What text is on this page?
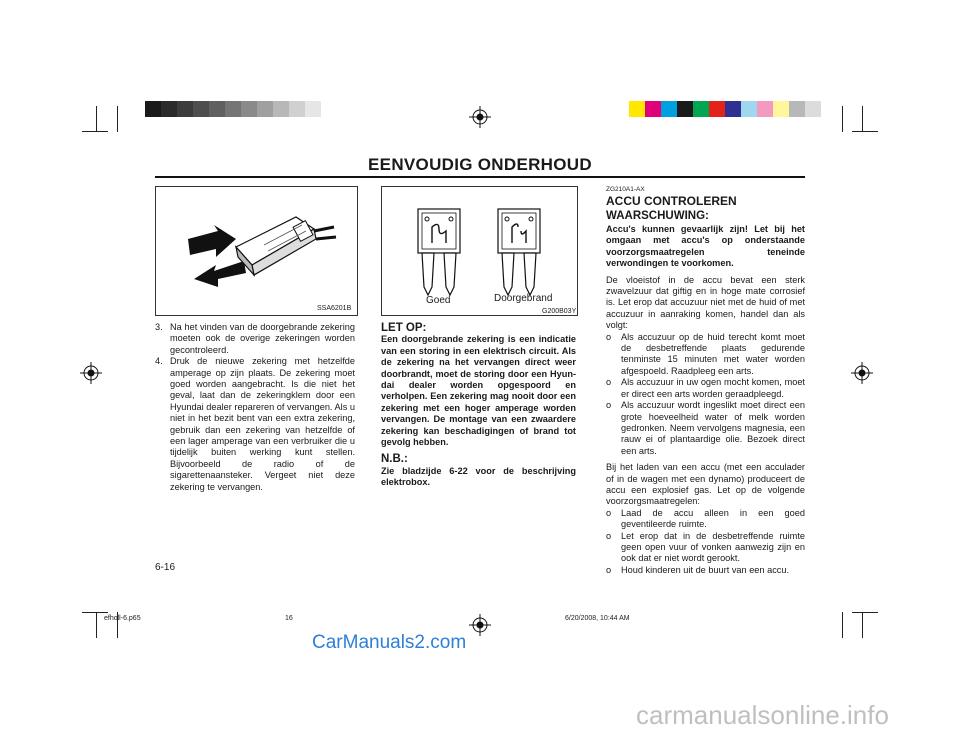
EENVOUDIG ONDERHOUD
SSA6201B
Goed	Doorgebrand
G200B03Y
3. Na het vinden van de doorgebrande zekering moeten ook de overige zekeringen worden gecontroleerd.
4. Druk de nieuwe zekering met hetzelfde amperage op zijn plaats. De zekering moet goed worden aangebracht. Is die niet het geval, laat dan de zekeringklem door een Hyundai dealer repareren of vervangen. Als u niet in het bezit bent van een extra zekering, gebruik dan een zekering van hetzelfde of een lager amperage van een verbruiker die u tijdelijk buiten werking kunt stellen. Bijvoorbeeld de radio of de sigarettenaansteker. Vergeet niet deze zekering te vervangen.

LET OP:

Een doorgebrande zekering is een indicatie van een storing in een elektrisch circuit. Als de zekering na het vervangen direct weer doorbrandt, moet de storing door een Hyun-dai dealer worden opgespoord en verholpen. Een zekering mag nooit door een zekering met een hoger amperage worden vervangen. De montage van een zwaardere zekering kan beschadigingen of brand tot gevolg hebben.

N.B.:

Zie bladzijde 6-22 voor de beschrijving elektrobox.

ZG210A1-AX

ACCU CONTROLEREN

WAARSCHUWING:

Accu's kunnen gevaarlijk zijn! Let bij het omgaan met accu's op onderstaande voorzorgsmaatregelen teneinde verwondingen te voorkomen.

De vloeistof in de accu bevat een sterk zwavelzuur dat giftig en in hoge mate corrosief is. Let erop dat accuzuur niet met de huid of met accuzuur in aanraking komen, handel dan als volgt:

o Als accuzuur op de huid terecht komt moet de desbetreffende plaats gedurende tenminste 15 minuten met water worden afgespoeld. Raadpleeg een arts.
o Als accuzuur in uw ogen mocht komen, moet er direct een arts worden geraadpleegd.
o Als accuzuur wordt ingeslikt moet direct een grote hoeveelheid water of melk worden gedronken. Neem vervolgens magnesia, een rauw ei of plantaardige olie. Bezoek direct een arts.

Bij het laden van een accu (met een acculader of in de wagen met een dynamo) produceert de accu een explosief gas. Let op de volgende voorzorgsmaatregelen:

o Laad de accu alleen in een goed geventileerde ruimte.
o Let erop dat in de desbetreffende ruimte geen open vuur of vonken aanwezig zijn en ook dat er niet wordt gerookt.
o Houd kinderen uit de buurt van een accu.
6-16
efholl-6.p65	16	6/20/2008, 10:44 AM
CarManuals2.com
carmanualsonline.info
